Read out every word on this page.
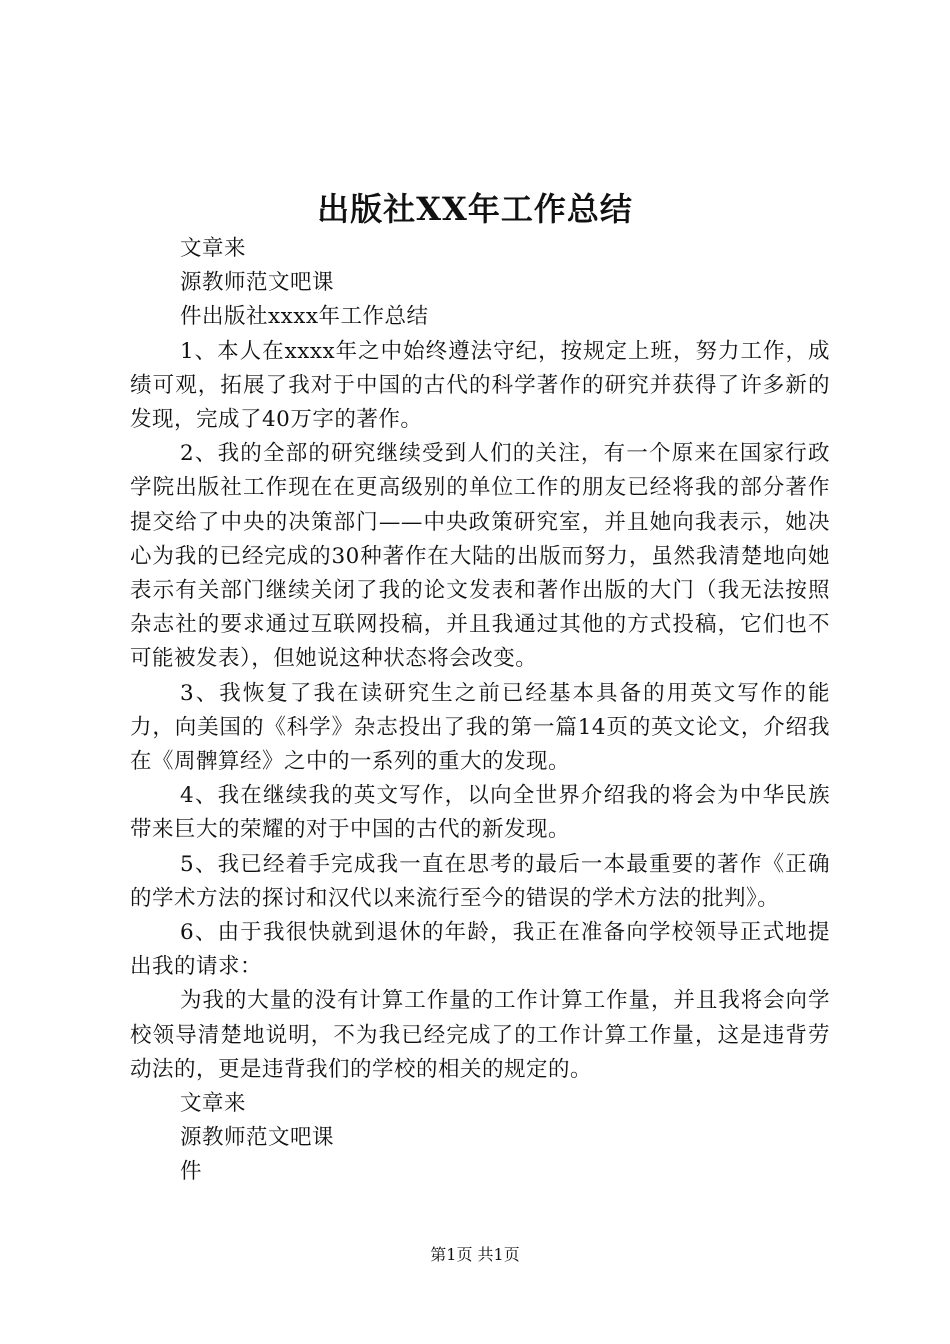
出版社XX年工作总结

文章来

源教师范文吧课

件出版社xxxx年工作总结

1、本人在xxxx年之中始终遵法守纪，按规定上班，努力工作，成绩可观，拓展了我对于中国的古代的科学著作的研究并获得了许多新的发现，完成了40万字的著作。

2、我的全部的研究继续受到人们的关注，有一个原来在国家行政学院出版社工作现在在更高级别的单位工作的朋友已经将我的部分著作提交给了中央的决策部门——中央政策研究室，并且她向我表示，她决心为我的已经完成的30种著作在大陆的出版而努力，虽然我清楚地向她表示有关部门继续关闭了我的论文发表和著作出版的大门（我无法按照杂志社的要求通过互联网投稿，并且我通过其他的方式投稿，它们也不可能被发表），但她说这种状态将会改变。

3、我恢复了我在读研究生之前已经基本具备的用英文写作的能力，向美国的《科学》杂志投出了我的第一篇14页的英文论文，介绍我在《周髀算经》之中的一系列的重大的发现。

4、我在继续我的英文写作，以向全世界介绍我的将会为中华民族带来巨大的荣耀的对于中国的古代的新发现。

5、我已经着手完成我一直在思考的最后一本最重要的著作《正确的学术方法的探讨和汉代以来流行至今的错误的学术方法的批判》。

6、由于我很快就到退休的年龄，我正在准备向学校领导正式地提出我的请求：

为我的大量的没有计算工作量的工作计算工作量，并且我将会向学校领导清楚地说明，不为我已经完成了的工作计算工作量，这是违背劳动法的，更是违背我们的学校的相关的规定的。

文章来

源教师范文吧课

件

第1页 共1页
